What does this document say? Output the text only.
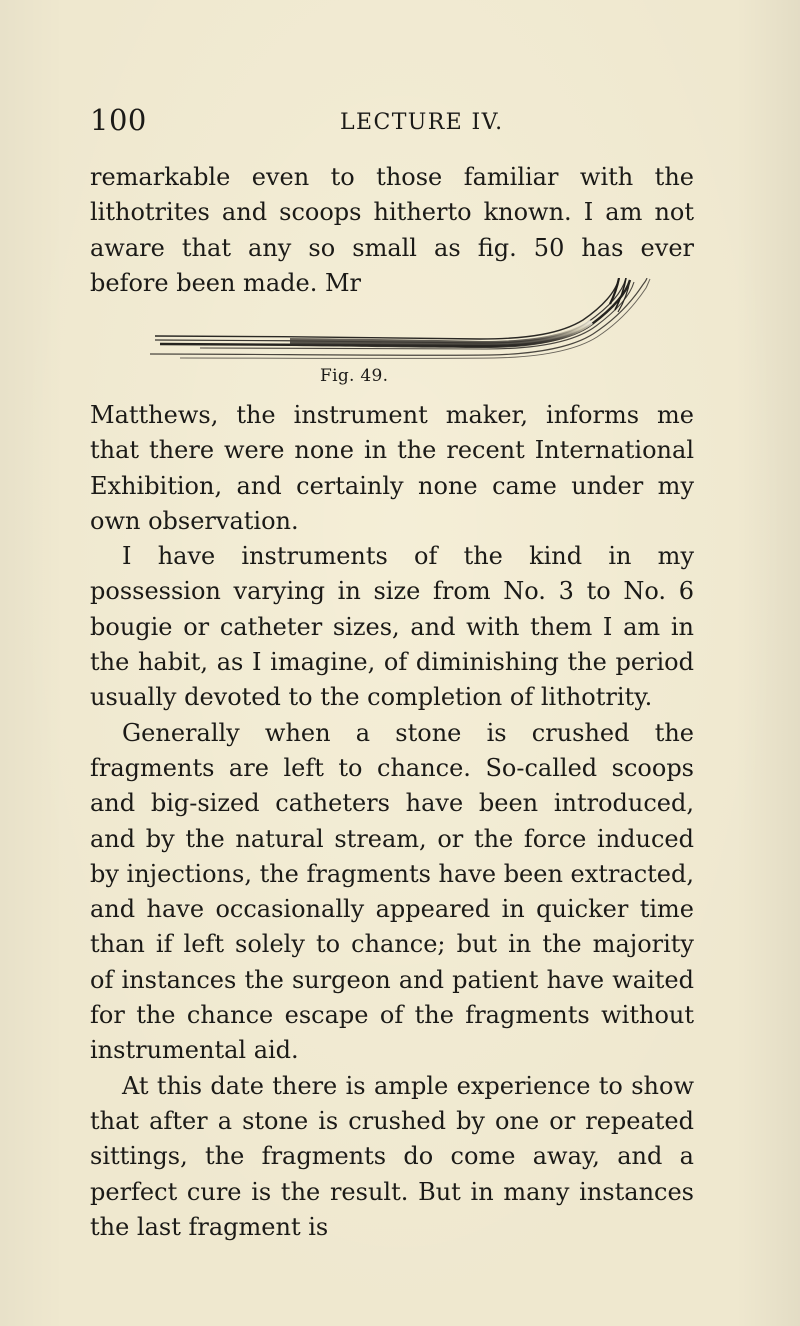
100	LECTURE IV.

remarkable even to those familiar with the lithotrites and scoops hitherto known. I am not aware that any so small as fig. 50 has ever before been made. Mr

Fig. 49.

Matthews, the instrument maker, informs me that there were none in the recent International Exhibition, and certainly none came under my own observation.

I have instruments of the kind in my possession varying in size from No. 3 to No. 6 bougie or catheter sizes, and with them I am in the habit, as I imagine, of diminishing the period usually devoted to the completion of lithotrity.

Generally when a stone is crushed the fragments are left to chance. So-called scoops and big-sized catheters have been introduced, and by the natural stream, or the force induced by injections, the fragments have been extracted, and have occasionally appeared in quicker time than if left solely to chance; but in the majority of instances the surgeon and patient have waited for the chance escape of the fragments without instrumental aid.

At this date there is ample experience to show that after a stone is crushed by one or repeated sittings, the fragments do come away, and a perfect cure is the result. But in many instances the last fragment is
